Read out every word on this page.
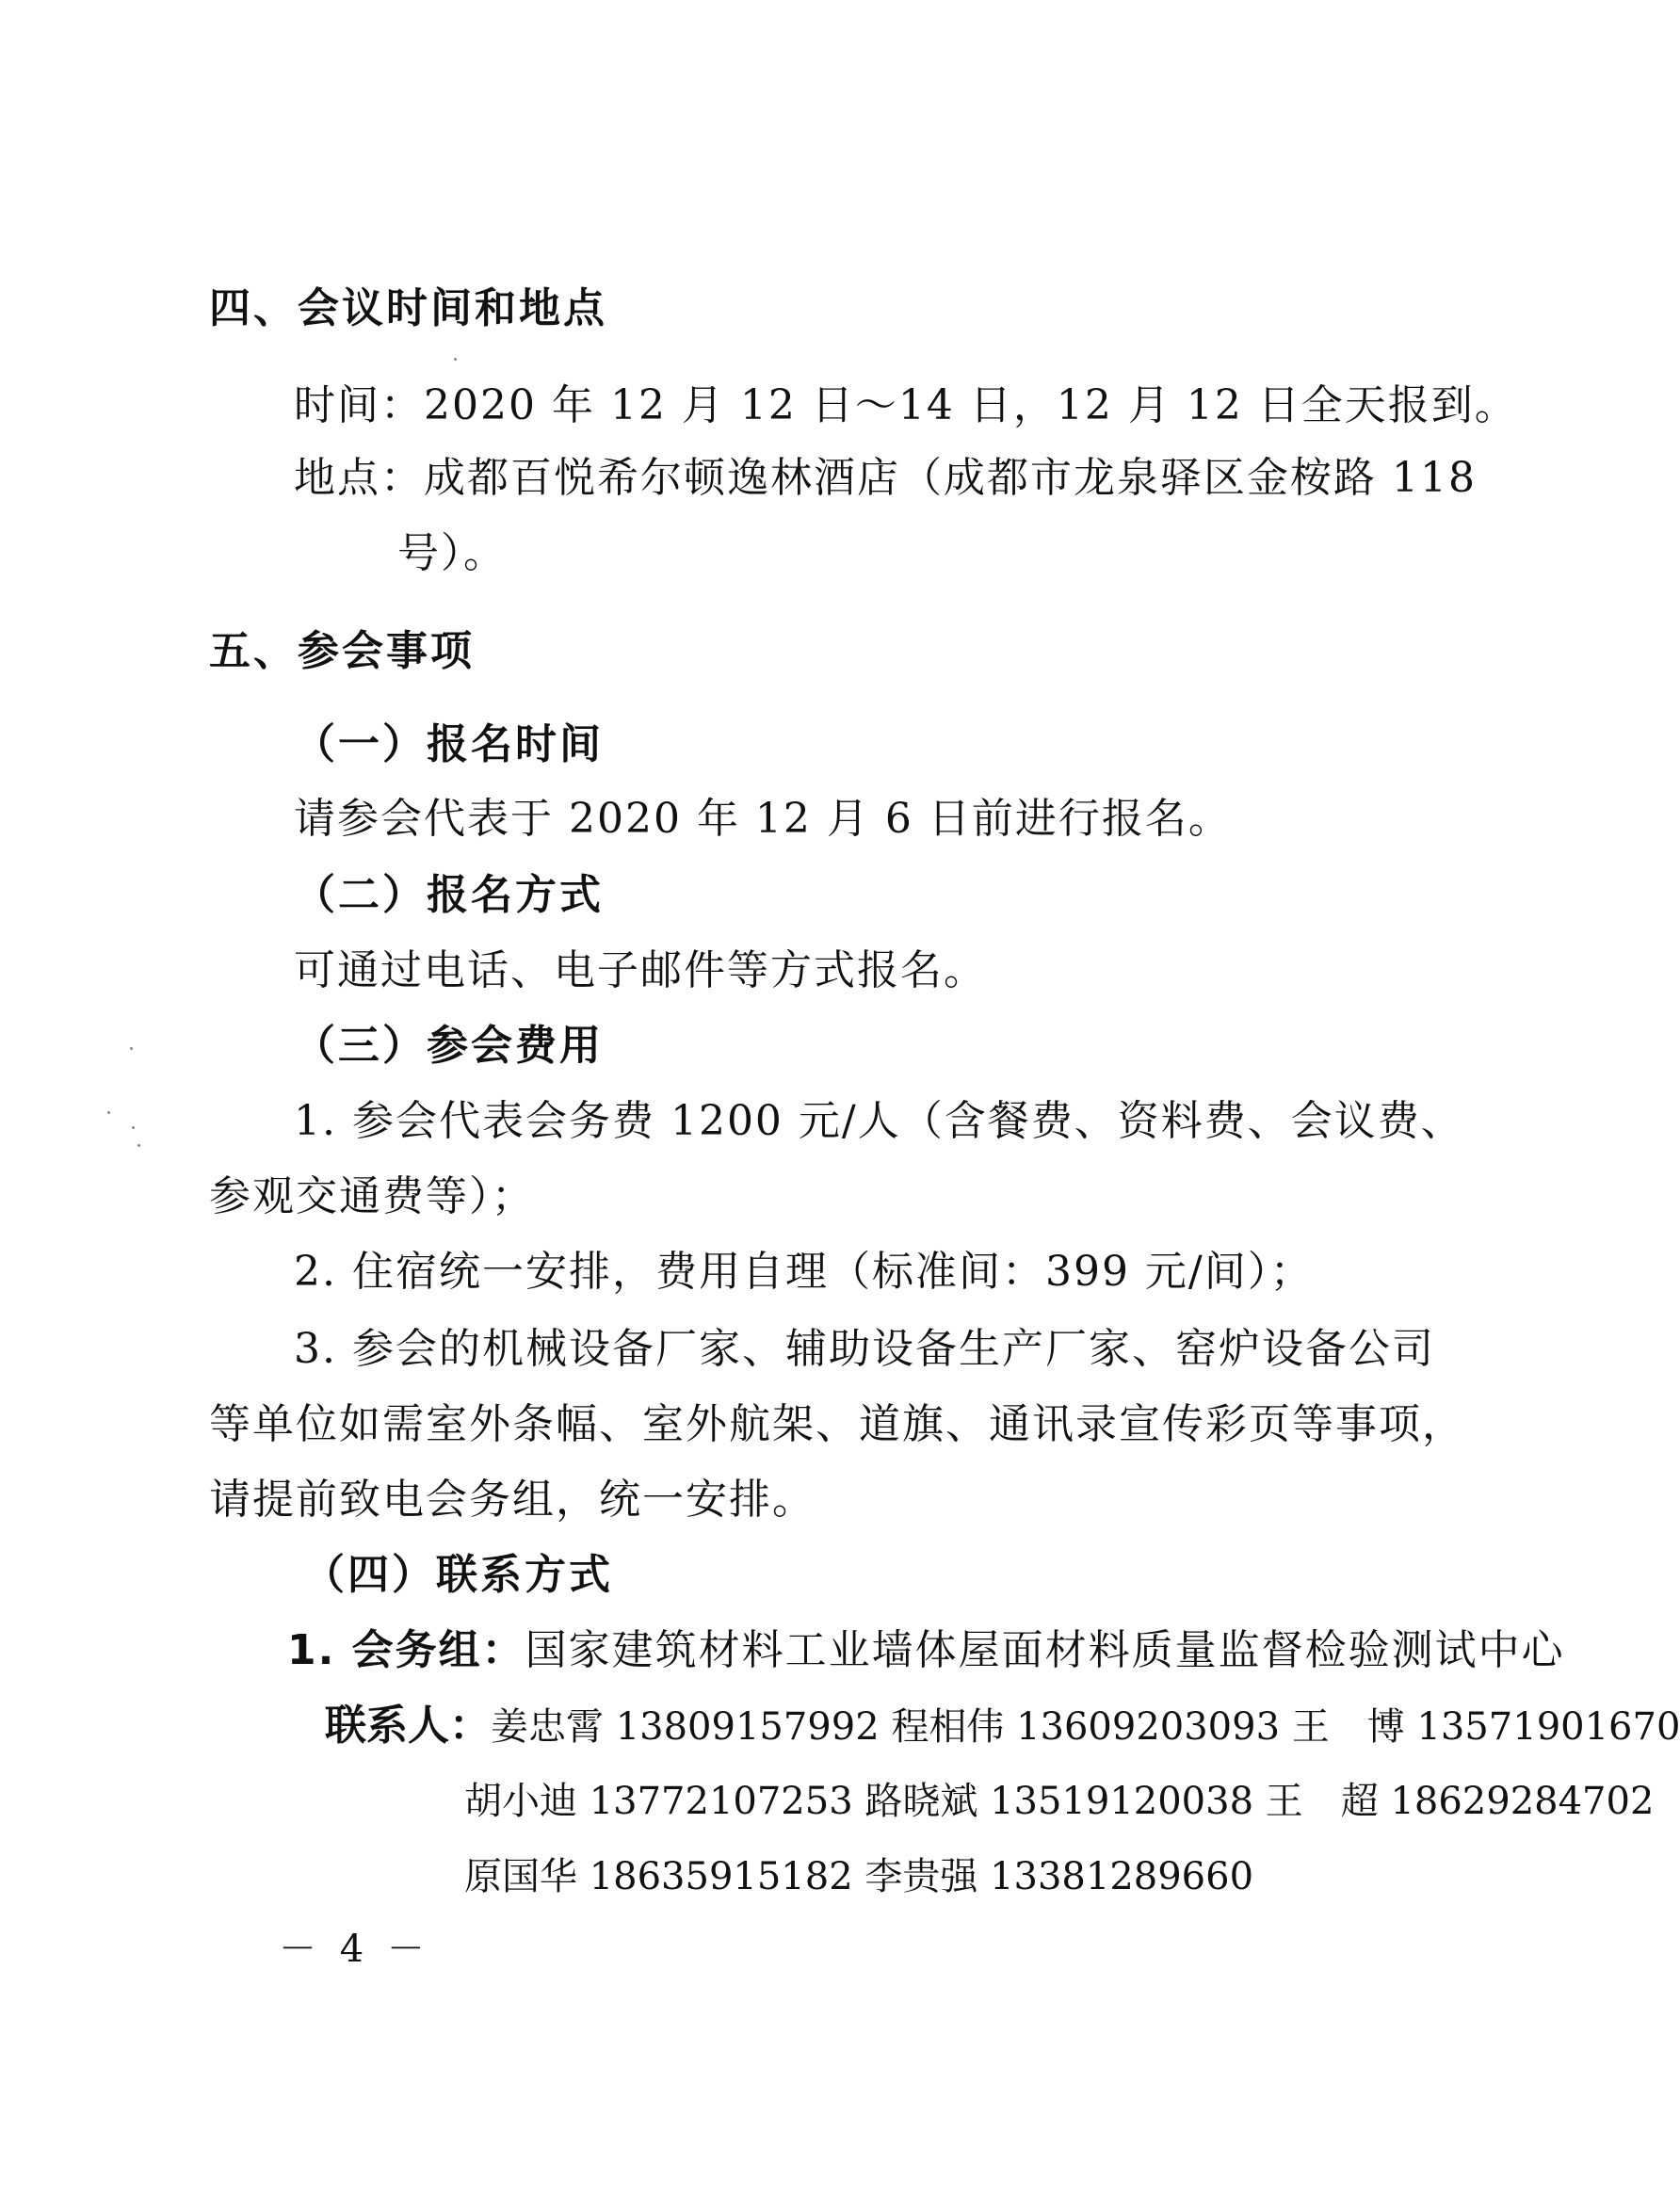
四、会议时间和地点
时间：2020 年 12 月 12 日～14 日，12 月 12 日全天报到。
地点：成都百悦希尔顿逸林酒店（成都市龙泉驿区金桉路 118
号）。
五、参会事项
（一）报名时间
请参会代表于 2020 年 12 月 6 日前进行报名。
（二）报名方式
可通过电话、电子邮件等方式报名。
（三）参会费用
1. 参会代表会务费 1200 元/人（含餐费、资料费、会议费、
参观交通费等）；
2. 住宿统一安排，费用自理（标准间：399 元/间）；
3. 参会的机械设备厂家、辅助设备生产厂家、窑炉设备公司
等单位如需室外条幅、室外航架、道旗、通讯录宣传彩页等事项，
请提前致电会务组，统一安排。
（四）联系方式
1. 会务组：国家建筑材料工业墙体屋面材料质量监督检验测试中心
联系人：姜忠霄 13809157992 程相伟 13609203093 王　博 13571901670
胡小迪 13772107253 路晓斌 13519120038 王　超 18629284702
原国华 18635915182 李贵强 13381289660
－ 4 －
